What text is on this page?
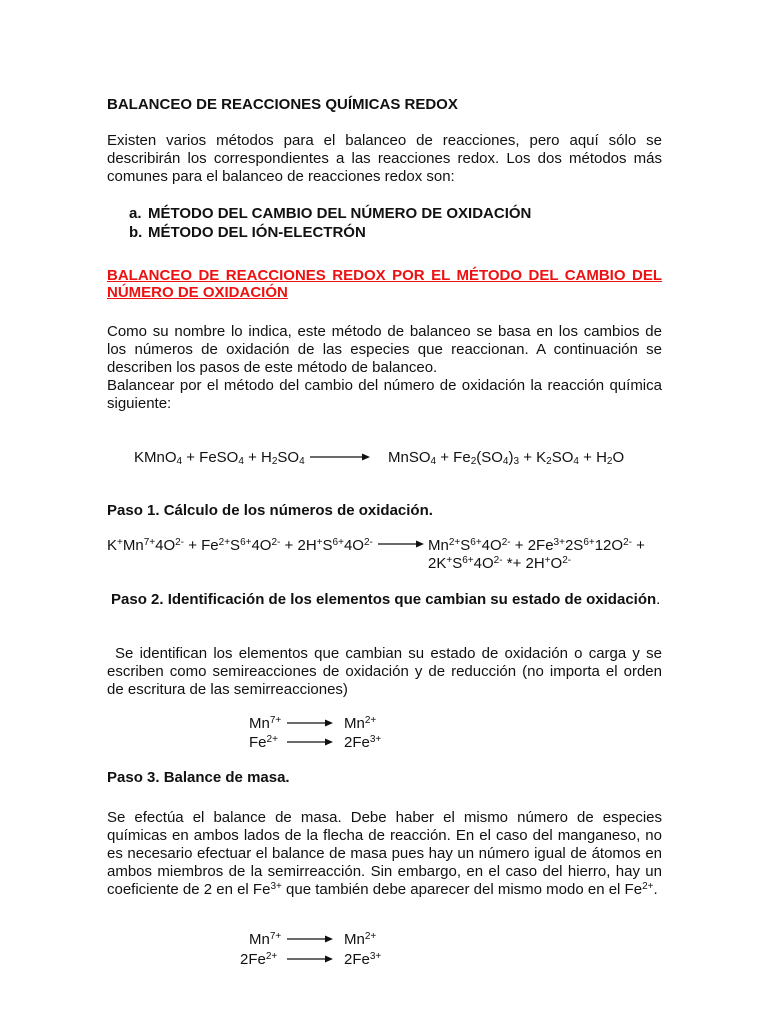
BALANCEO DE REACCIONES QUÍMICAS REDOX

Existen varios métodos para el balanceo de reacciones, pero aquí sólo se describirán los correspondientes a las reacciones redox. Los dos métodos más comunes para el balanceo de reacciones redox son:

a. MÉTODO DEL CAMBIO DEL NÚMERO DE OXIDACIÓN
b. MÉTODO DEL IÓN-ELECTRÓN
BALANCEO DE REACCIONES REDOX POR EL MÉTODO DEL CAMBIO DEL NÚMERO DE OXIDACIÓN

Como su nombre lo indica, este método de balanceo se basa en los cambios de los números de oxidación de las especies que reaccionan. A continuación se describen los pasos de este método de balanceo.

Balancear por el método del cambio del número de oxidación la reacción química siguiente:

KMnO$_4$ + FeSO$_4$ + $H_2SO_4$ → MnSO$_4$ + $Fe_2(SO_4)_3 + K_2SO_4 + H_2O$

Paso 1. Cálculo de los números de oxidación.

$K^+Mn^{7+}4O^{2-} + Fe^{2+}S^{6+}4O^{2-} + 2H^+S^{6+}4O^{2-}$	$Mn^{2+}S^{6+}4O^{2-} + 2Fe^{3+}2S^{6+}12O^{2-}$ +
$2K^+S^{6+}4O^{2-} *+ 2H^+O^{2-}$

Paso 2. Identificación de los elementos que cambian su estado de oxidación.

Se identifican los elementos que cambian su estado de oxidación o carga y se escriben como semireacciones de oxidación y de reducción (no importa el orden de escritura de las semirreacciones)

$Mn^{7+}$	$Mn^{2+}$
$Fe^{2+}$	$2Fe^{3+}$

Paso 3. Balance de masa.

Se efectúa el balance de masa. Debe haber el mismo número de especies químicas en ambos lados de la flecha de reacción. En el caso del manganeso, no es necesario efectuar el balance de masa pues hay un número igual de átomos en ambos miembros de la semirreacción. Sin embargo, en el caso del hierro, hay un coeficiente de 2 en el $Fe^{3+}$ que también debe aparecer del mismo modo en el $Fe^{2+}$.

$Mn^{7+}$	$Mn^{2+}$
$2Fe^{2+}$	$2Fe^{3+}$
